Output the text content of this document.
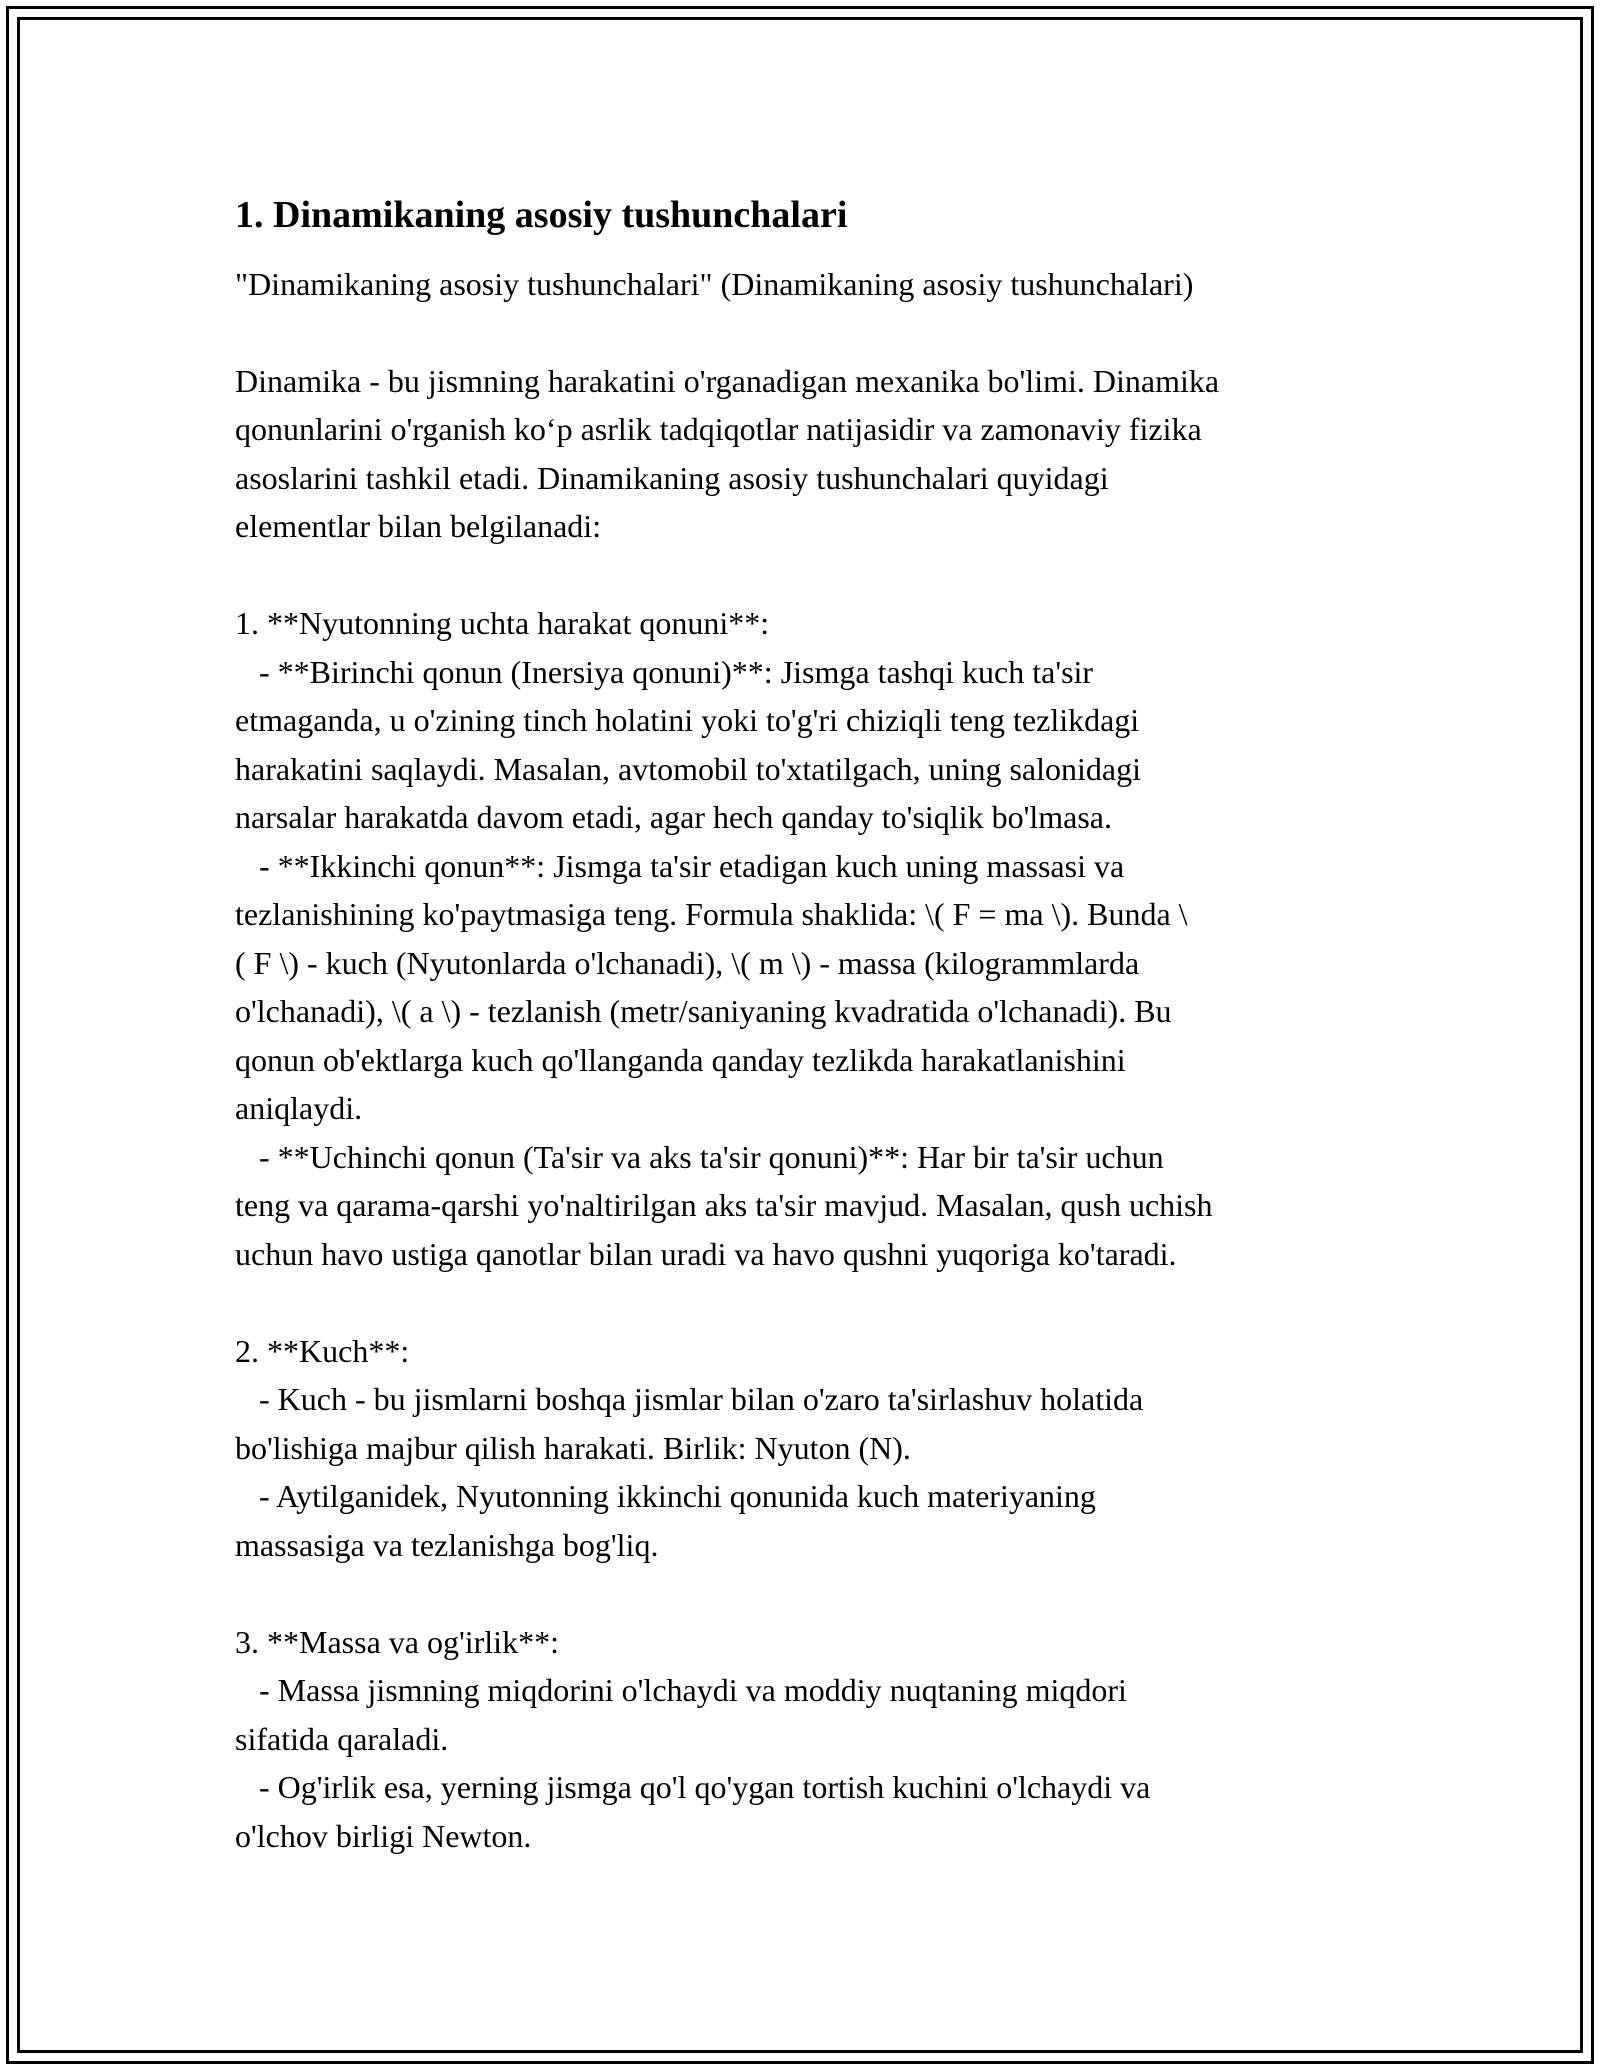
1. Dinamikaning asosiy tushunchalari

"Dinamikaning asosiy tushunchalari" (Dinamikaning asosiy tushunchalari)

Dinamika - bu jismning harakatini o'rganadigan mexanika bo'limi. Dinamika
qonunlarini o'rganish ko‘p asrlik tadqiqotlar natijasidir va zamonaviy fizika
asoslarini tashkil etadi. Dinamikaning asosiy tushunchalari quyidagi
elementlar bilan belgilanadi:

1. **Nyutonning uchta harakat qonuni**:
- **Birinchi qonun (Inersiya qonuni)**: Jismga tashqi kuch ta'sir
etmaganda, u o'zining tinch holatini yoki to'g'ri chiziqli teng tezlikdagi
harakatini saqlaydi. Masalan, avtomobil to'xtatilgach, uning salonidagi
narsalar harakatda davom etadi, agar hech qanday to'siqlik bo'lmasa.
- **Ikkinchi qonun**: Jismga ta'sir etadigan kuch uning massasi va
tezlanishining ko'paytmasiga teng. Formula shaklida: \( F = ma \). Bunda \
( F \) - kuch (Nyutonlarda o'lchanadi), \( m \) - massa (kilogrammlarda
o'lchanadi), \( a \) - tezlanish (metr/saniyaning kvadratida o'lchanadi). Bu
qonun ob'ektlarga kuch qo'llanganda qanday tezlikda harakatlanishini
aniqlaydi.
- **Uchinchi qonun (Ta'sir va aks ta'sir qonuni)**: Har bir ta'sir uchun
teng va qarama-qarshi yo'naltirilgan aks ta'sir mavjud. Masalan, qush uchish
uchun havo ustiga qanotlar bilan uradi va havo qushni yuqoriga ko'taradi.

2. **Kuch**:
- Kuch - bu jismlarni boshqa jismlar bilan o'zaro ta'sirlashuv holatida
bo'lishiga majbur qilish harakati. Birlik: Nyuton (N).
- Aytilganidek, Nyutonning ikkinchi qonunida kuch materiyaning
massasiga va tezlanishga bog'liq.

3. **Massa va og'irlik**:
- Massa jismning miqdorini o'lchaydi va moddiy nuqtaning miqdori
sifatida qaraladi.
- Og'irlik esa, yerning jismga qo'l qo'ygan tortish kuchini o'lchaydi va
o'lchov birligi Newton.
